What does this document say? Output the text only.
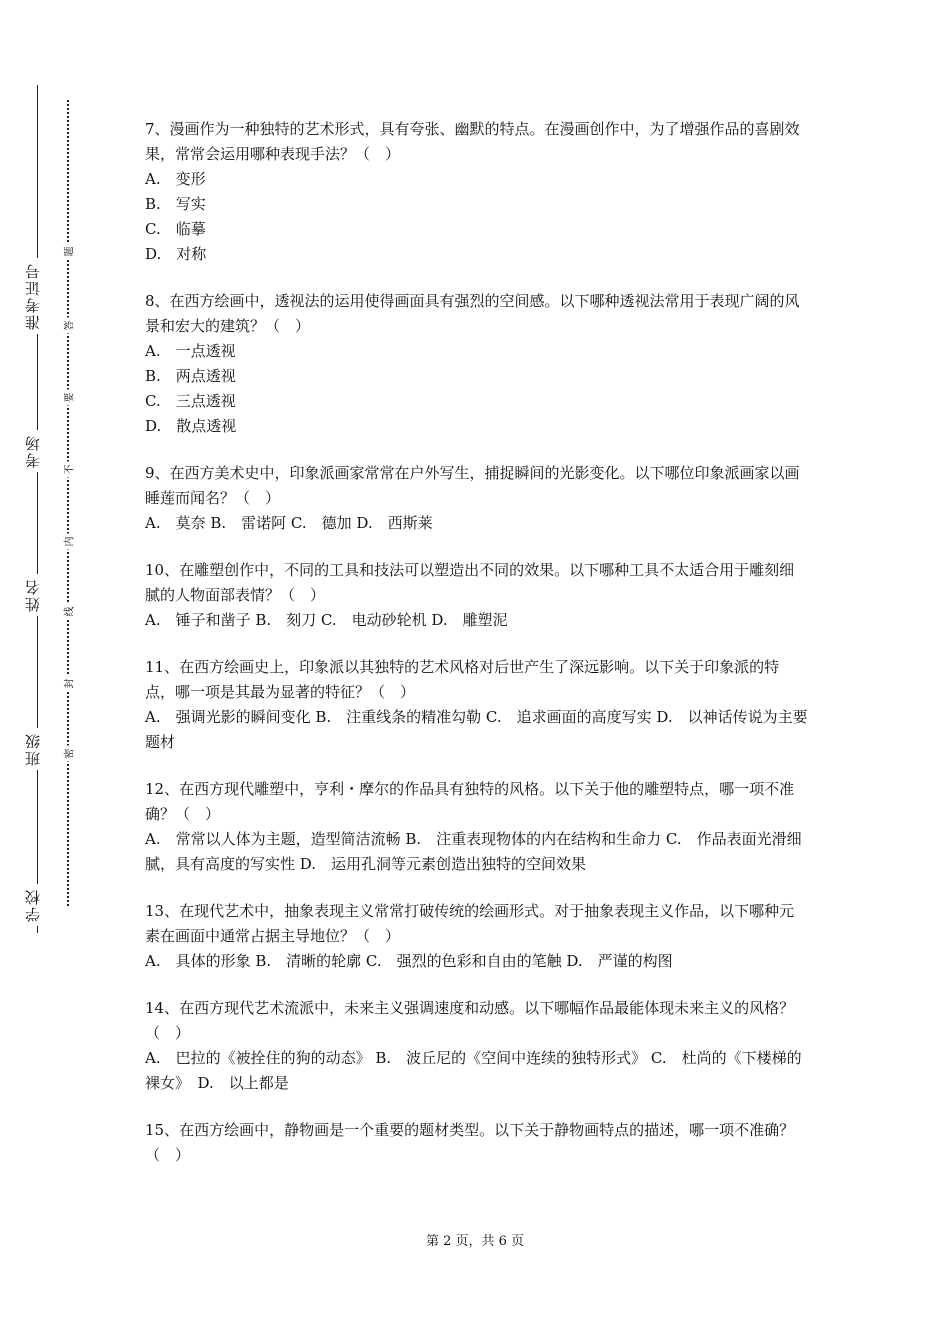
准考证号
考场
姓名
班级
学校
题
答
要
不
内
线
封
密

7、漫画作为一种独特的艺术形式，具有夸张、幽默的特点。在漫画创作中，为了增强作品的喜剧效果，常常会运用哪种表现手法？（　）

A.　变形

B.　写实

C.　临摹

D.　对称

8、在西方绘画中，透视法的运用使得画面具有强烈的空间感。以下哪种透视法常用于表现广阔的风景和宏大的建筑？（　）

A.　一点透视

B.　两点透视

C.　三点透视

D.　散点透视

9、在西方美术史中，印象派画家常常在户外写生，捕捉瞬间的光影变化。以下哪位印象派画家以画睡莲而闻名？（　）

A.　莫奈 B.　雷诺阿 C.　德加 D.　西斯莱

10、在雕塑创作中，不同的工具和技法可以塑造出不同的效果。以下哪种工具不太适合用于雕刻细腻的人物面部表情？（　）

A.　锤子和凿子 B.　刻刀 C.　电动砂轮机 D.　雕塑泥

11、在西方绘画史上，印象派以其独特的艺术风格对后世产生了深远影响。以下关于印象派的特点，哪一项是其最为显著的特征？（　）

A.　强调光影的瞬间变化 B.　注重线条的精准勾勒 C.　追求画面的高度写实 D.　以神话传说为主要题材

12、在西方现代雕塑中，亨利・摩尔的作品具有独特的风格。以下关于他的雕塑特点，哪一项不准确？（　）

A.　常常以人体为主题，造型简洁流畅 B.　注重表现物体的内在结构和生命力 C.　作品表面光滑细腻，具有高度的写实性 D.　运用孔洞等元素创造出独特的空间效果

13、在现代艺术中，抽象表现主义常常打破传统的绘画形式。对于抽象表现主义作品，以下哪种元素在画面中通常占据主导地位？（　）

A.　具体的形象 B.　清晰的轮廓 C.　强烈的色彩和自由的笔触 D.　严谨的构图

14、在西方现代艺术流派中，未来主义强调速度和动感。以下哪幅作品最能体现未来主义的风格？（　）

A.　巴拉的《被拴住的狗的动态》 B.　波丘尼的《空间中连续的独特形式》 C.　杜尚的《下楼梯的裸女》　D.　以上都是

15、在西方绘画中，静物画是一个重要的题材类型。以下关于静物画特点的描述，哪一项不准确？（　）

第 2 页，共 6 页
